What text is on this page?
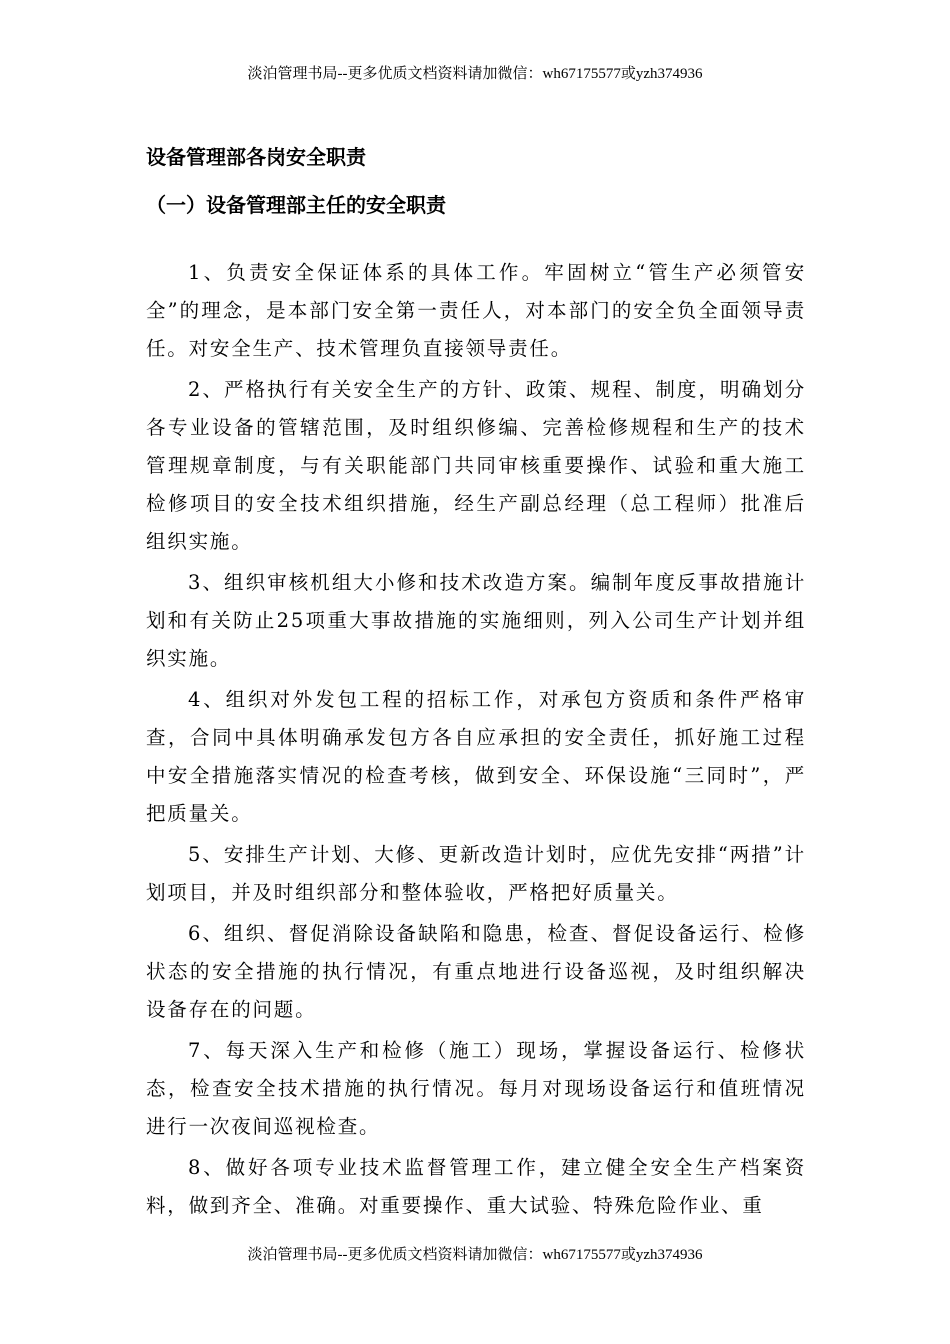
淡泊管理书局--更多优质文档资料请加微信：wh67175577或yzh374936
设备管理部各岗安全职责
（一）设备管理部主任的安全职责

1、负责安全保证体系的具体工作。牢固树立“管生产必须管安全”的理念，是本部门安全第一责任人，对本部门的安全负全面领导责任。对安全生产、技术管理负直接领导责任。

2、严格执行有关安全生产的方针、政策、规程、制度，明确划分各专业设备的管辖范围，及时组织修编、完善检修规程和生产的技术管理规章制度，与有关职能部门共同审核重要操作、试验和重大施工检修项目的安全技术组织措施，经生产副总经理（总工程师）批准后组织实施。

3、组织审核机组大小修和技术改造方案。编制年度反事故措施计划和有关防止25项重大事故措施的实施细则，列入公司生产计划并组织实施。

4、组织对外发包工程的招标工作，对承包方资质和条件严格审查，合同中具体明确承发包方各自应承担的安全责任，抓好施工过程中安全措施落实情况的检查考核，做到安全、环保设施“三同时”，严把质量关。

5、安排生产计划、大修、更新改造计划时，应优先安排“两措”计划项目，并及时组织部分和整体验收，严格把好质量关。

6、组织、督促消除设备缺陷和隐患，检查、督促设备运行、检修状态的安全措施的执行情况，有重点地进行设备巡视，及时组织解决设备存在的问题。

7、每天深入生产和检修（施工）现场，掌握设备运行、检修状态，检查安全技术措施的执行情况。每月对现场设备运行和值班情况进行一次夜间巡视检查。

8、做好各项专业技术监督管理工作，建立健全安全生产档案资料，做到齐全、准确。对重要操作、重大试验、特殊危险作业、重

淡泊管理书局--更多优质文档资料请加微信：wh67175577或yzh374936
